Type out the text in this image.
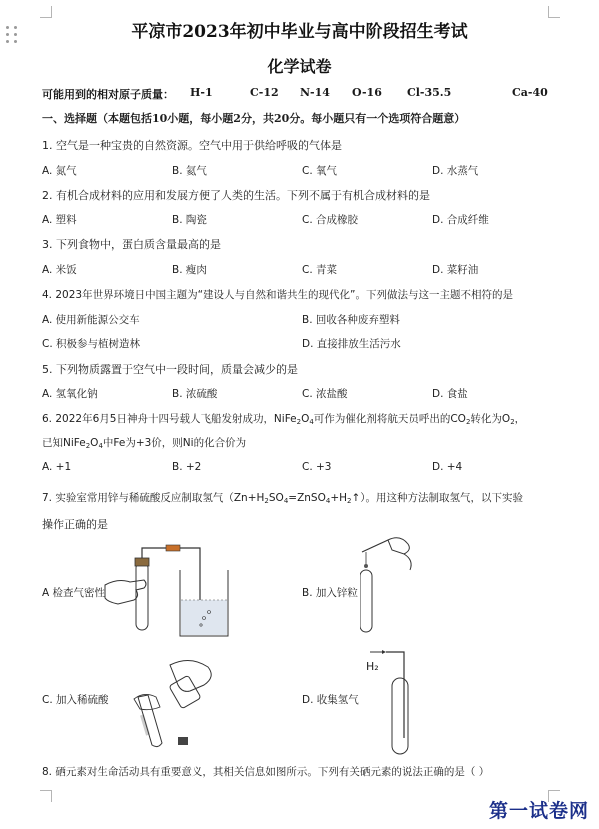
平凉市2023年初中毕业与高中阶段招生考试
化学试卷
可能用到的相对原子质量： H-1	C-12 N-14 O-16 Cl-35.5	Ca-40
一、选择题（本题包括10小题，每小题2分，共20分。每小题只有一个选项符合题意）
1. 空气是一种宝贵的自然资源。空气中用于供给呼吸的气体是
A. 氮气	B. 氦气	C. 氧气	D. 水蒸气
2. 有机合成材料的应用和发展方便了人类的生活。下列不属于有机合成材料的是
A. 塑料	B. 陶瓷	C. 合成橡胶	D. 合成纤维
3. 下列食物中，蛋白质含量最高的是
A. 米饭	B. 瘦肉	C. 青菜	D. 菜籽油
4. 2023年世界环境日中国主题为“建设人与自然和谐共生的现代化”。下列做法与这一主题不相符的是
A. 使用新能源公交车	B. 回收各种废弃塑料
C. 积极参与植树造林	D. 直接排放生活污水
5. 下列物质露置于空气中一段时间，质量会减少的是
A. 氢氧化钠	B. 浓硫酸	C. 浓盐酸	D. 食盐
6. 2022年6月5日神舟十四号载人飞船发射成功，$NiFe_2O_4$可作为催化剂将航天员呼出的$CO_2$转化为$O_2$，
已知$NiFe_2O_4$中Fe为+3价，则Ni的化合价为
A. +1	B. +2	C. +3	D. +4
7. 实验室常用锌与稀硫酸反应制取氢气$(Zn+H_2SO_4=ZnSO_4+H_2↑)$。用这种方法制取氢气，以下实验
操作正确的是
A 检查气密性	B. 加入锌粒
C. 加入稀硫酸
H₂
D. 收集氢气
8. 硒元素对生命活动具有重要意义，其相关信息如图所示。下列有关硒元素的说法正确的是（ ）
第一试卷网
